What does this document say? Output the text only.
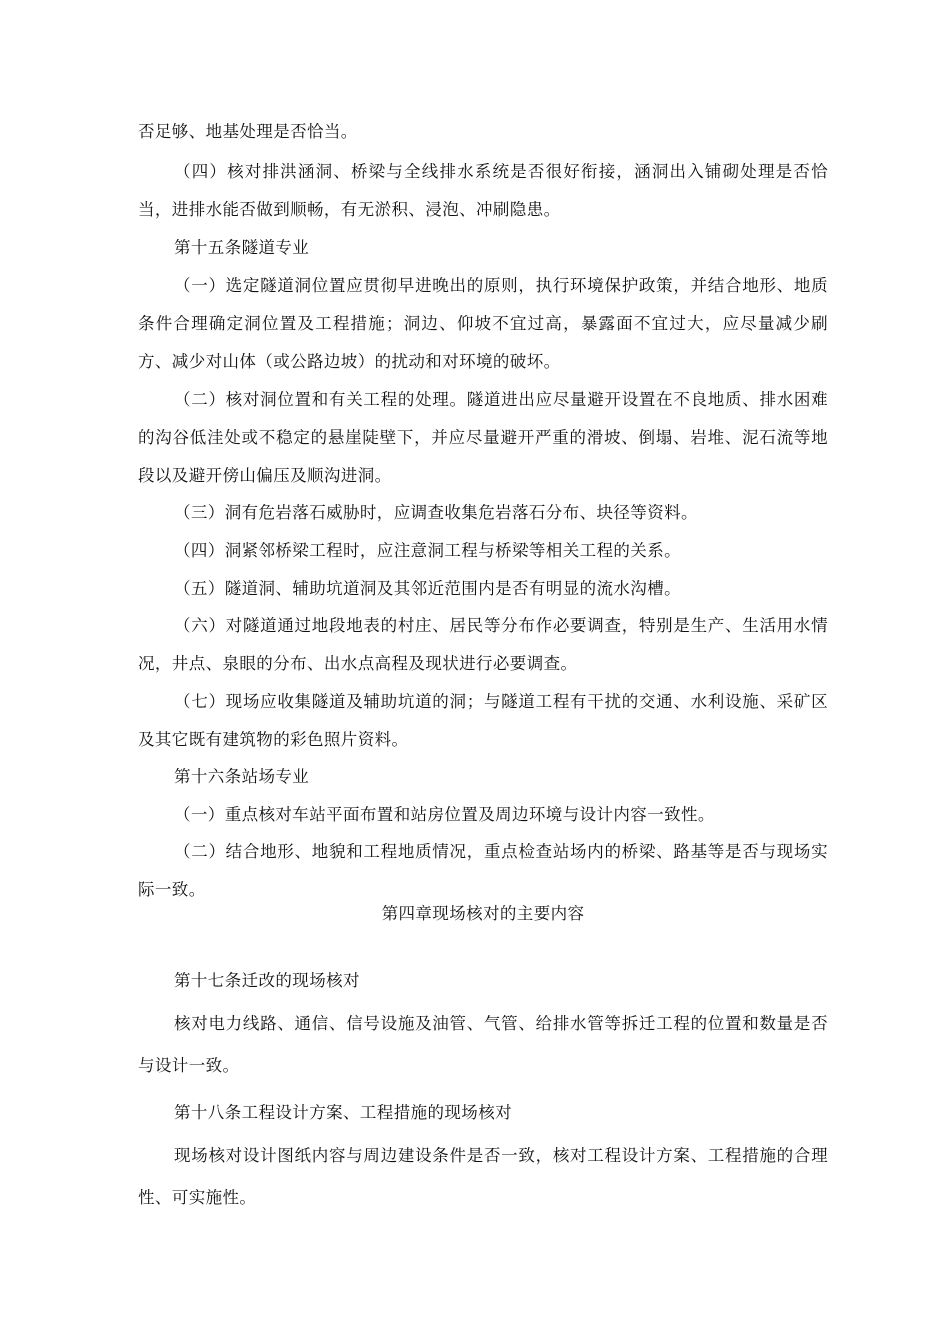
否足够、地基处理是否恰当。

（四）核对排洪涵洞、桥梁与全线排水系统是否很好衔接，涵洞出入铺砌处理是否恰当，进排水能否做到顺畅，有无淤积、浸泡、冲刷隐患。

第十五条隧道专业

（一）选定隧道洞位置应贯彻早进晚出的原则，执行环境保护政策，并结合地形、地质条件合理确定洞位置及工程措施；洞边、仰坡不宜过高，暴露面不宜过大，应尽量减少刷方、减少对山体（或公路边坡）的扰动和对环境的破坏。

（二）核对洞位置和有关工程的处理。隧道进出应尽量避开设置在不良地质、排水困难的沟谷低洼处或不稳定的悬崖陡壁下，并应尽量避开严重的滑坡、倒塌、岩堆、泥石流等地段以及避开傍山偏压及顺沟进洞。

（三）洞有危岩落石威胁时，应调查收集危岩落石分布、块径等资料。

（四）洞紧邻桥梁工程时，应注意洞工程与桥梁等相关工程的关系。

（五）隧道洞、辅助坑道洞及其邻近范围内是否有明显的流水沟槽。

（六）对隧道通过地段地表的村庄、居民等分布作必要调查，特别是生产、生活用水情况，井点、泉眼的分布、出水点高程及现状进行必要调查。

（七）现场应收集隧道及辅助坑道的洞；与隧道工程有干扰的交通、水利设施、采矿区及其它既有建筑物的彩色照片资料。

第十六条站场专业

（一）重点核对车站平面布置和站房位置及周边环境与设计内容一致性。

（二）结合地形、地貌和工程地质情况，重点检查站场内的桥梁、路基等是否与现场实际一致。

第四章现场核对的主要内容

第十七条迁改的现场核对

核对电力线路、通信、信号设施及油管、气管、给排水管等拆迁工程的位置和数量是否与设计一致。

第十八条工程设计方案、工程措施的现场核对

现场核对设计图纸内容与周边建设条件是否一致，核对工程设计方案、工程措施的合理性、可实施性。
